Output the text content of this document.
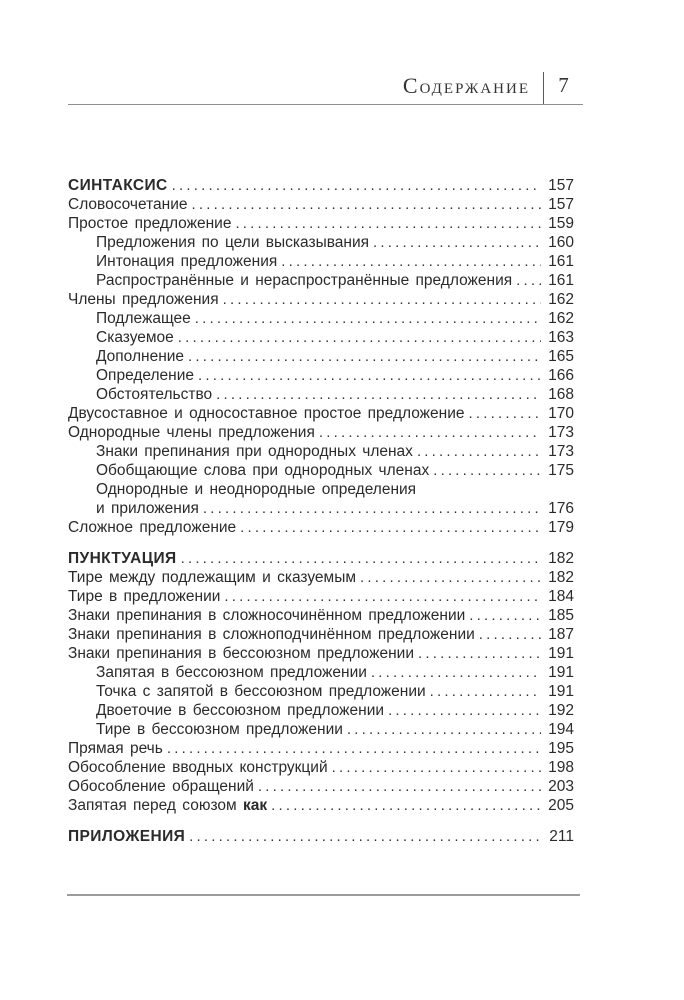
Содержание	7
СИНТАКСИС .....	157
Словосочетание .....	157
Простое предложение .....	159
Предложения по цели высказывания .....	160
Интонация предложения .....	161
Распространённые и нераспространённые предложения ..... 161
Члены предложения .....	162
Подлежащее .....	162
Сказуемое .....	163
Дополнение .....	165
Определение .....	166
Обстоятельство .....	168
Двусоставное и односоставное простое предложение .....	170
Однородные члены предложения .....	173
Знаки препинания при однородных членах .....	173
Обобщающие слова при однородных членах .....	175
Однородные и неоднородные определения
и приложения .....	176
Сложное предложение .....	179
ПУНКТУАЦИЯ .....	182
Тире между подлежащим и сказуемым .....	182
Тире в предложении .....	184
Знаки препинания в сложносочинённом предложении .....	185
Знаки препинания в сложноподчинённом предложении .....	187
Знаки препинания в бессоюзном предложении .....	191
Запятая в бессоюзном предложении .....	191
Точка с запятой в бессоюзном предложении .....	191
Двоеточие в бессоюзном предложении .....	192
Тире в бессоюзном предложении .....	194
Прямая речь .....	195
Обособление вводных конструкций .....	198
Обособление обращений .....	203
Запятая перед союзом как .....	205
ПРИЛОЖЕНИЯ .....	211
